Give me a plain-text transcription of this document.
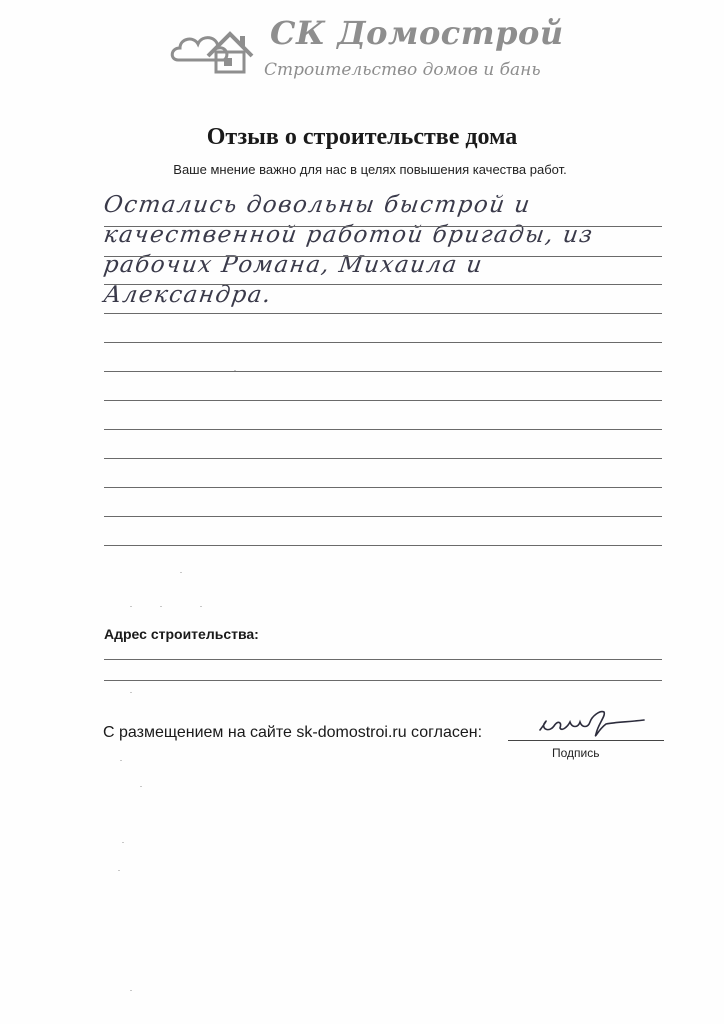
СК Домострой
Строительство домов и бань
Отзыв о строительстве дома
Ваше мнение важно для нас в целях повышения качества работ.
Остались довольны быстрой и
качественной работой бригады, из
рабочих Романа, Михаила и
Александра.
Адрес строительства:
С размещением на сайте sk-domostroi.ru согласен:
Подпись
